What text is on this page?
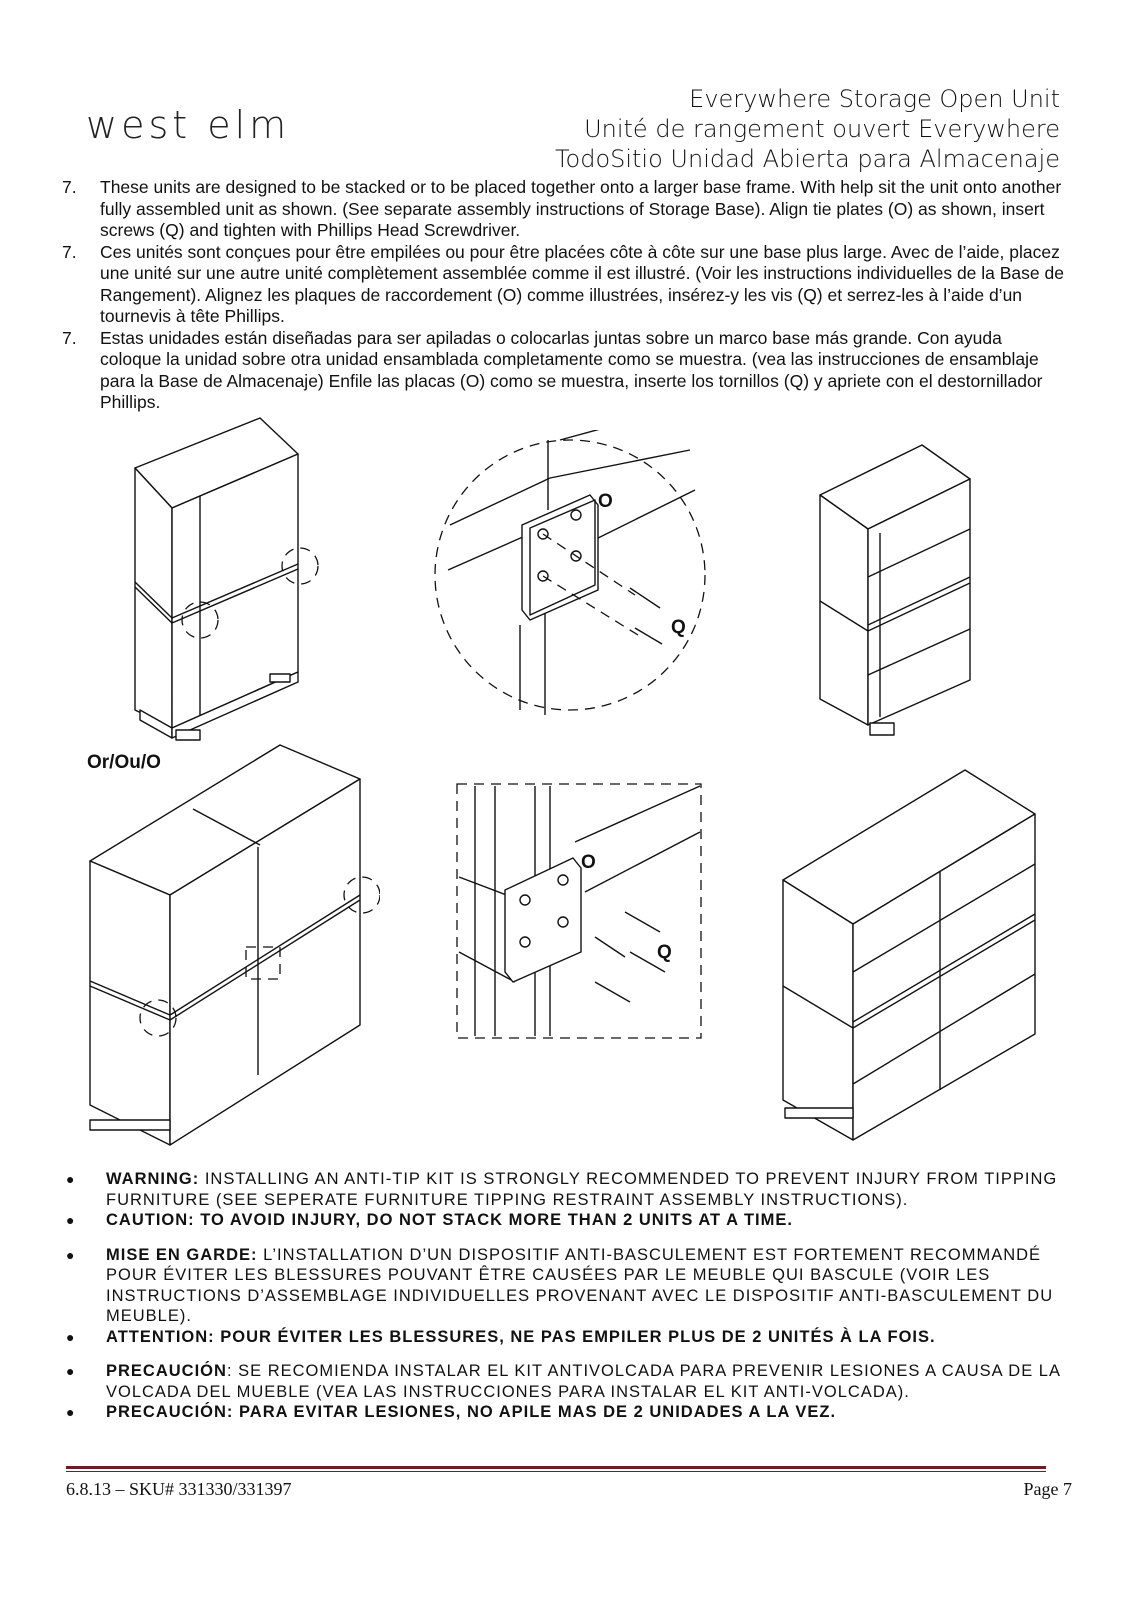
west elm
Everywhere Storage Open Unit
Unité de rangement ouvert Everywhere
TodoSitio Unidad Abierta para Almacenaje
7.	These units are designed to be stacked or to be placed together onto a larger base frame. With help sit the unit onto another fully assembled unit as shown. (See separate assembly instructions of Storage Base). Align tie plates (O) as shown, insert screws (Q) and tighten with Phillips Head Screwdriver.
7.	Ces unités sont conçues pour être empilées ou pour être placées côte à côte sur une base plus large. Avec de l’aide, placez une unité sur une autre unité complètement assemblée comme il est illustré. (Voir les instructions individuelles de la Base de Rangement). Alignez les plaques de raccordement (O) comme illustrées, insérez-y les vis (Q) et serrez-les à l’aide d’un tournevis à tête Phillips.
7.	Estas unidades están diseñadas para ser apiladas o colocarlas juntas sobre un marco base más grande. Con ayuda coloque la unidad sobre otra unidad ensamblada completamente como se muestra. (vea las instrucciones de ensamblaje para la Base de Almacenaje) Enfile las placas (O) como se muestra, inserte los tornillos (Q) y apriete con el destornillador Phillips.
O
Q
Or/Ou/O
O
Q
●	WARNING: INSTALLING AN ANTI-TIP KIT IS STRONGLY RECOMMENDED TO PREVENT INJURY FROM TIPPING FURNITURE (SEE SEPERATE FURNITURE TIPPING RESTRAINT ASSEMBLY INSTRUCTIONS).
●	CAUTION: TO AVOID INJURY, DO NOT STACK MORE THAN 2 UNITS AT A TIME.
●	MISE EN GARDE: L’INSTALLATION D’UN DISPOSITIF ANTI-BASCULEMENT EST FORTEMENT RECOMMANDÉ POUR ÉVITER LES BLESSURES POUVANT ÊTRE CAUSÉES PAR LE MEUBLE QUI BASCULE (VOIR LES INSTRUCTIONS D’ASSEMBLAGE INDIVIDUELLES PROVENANT AVEC LE DISPOSITIF ANTI-BASCULEMENT DU MEUBLE).
●	ATTENTION: POUR ÉVITER LES BLESSURES, NE PAS EMPILER PLUS DE 2 UNITÉS À LA FOIS.
●	PRECAUCIÓN: SE RECOMIENDA INSTALAR EL KIT ANTIVOLCADA PARA PREVENIR LESIONES A CAUSA DE LA VOLCADA DEL MUEBLE (VEA LAS INSTRUCCIONES PARA INSTALAR EL KIT ANTI-VOLCADA).
●	PRECAUCIÓN: PARA EVITAR LESIONES, NO APILE MAS DE 2 UNIDADES A LA VEZ.
6.8.13 – SKU# 331330/331397	Page 7
